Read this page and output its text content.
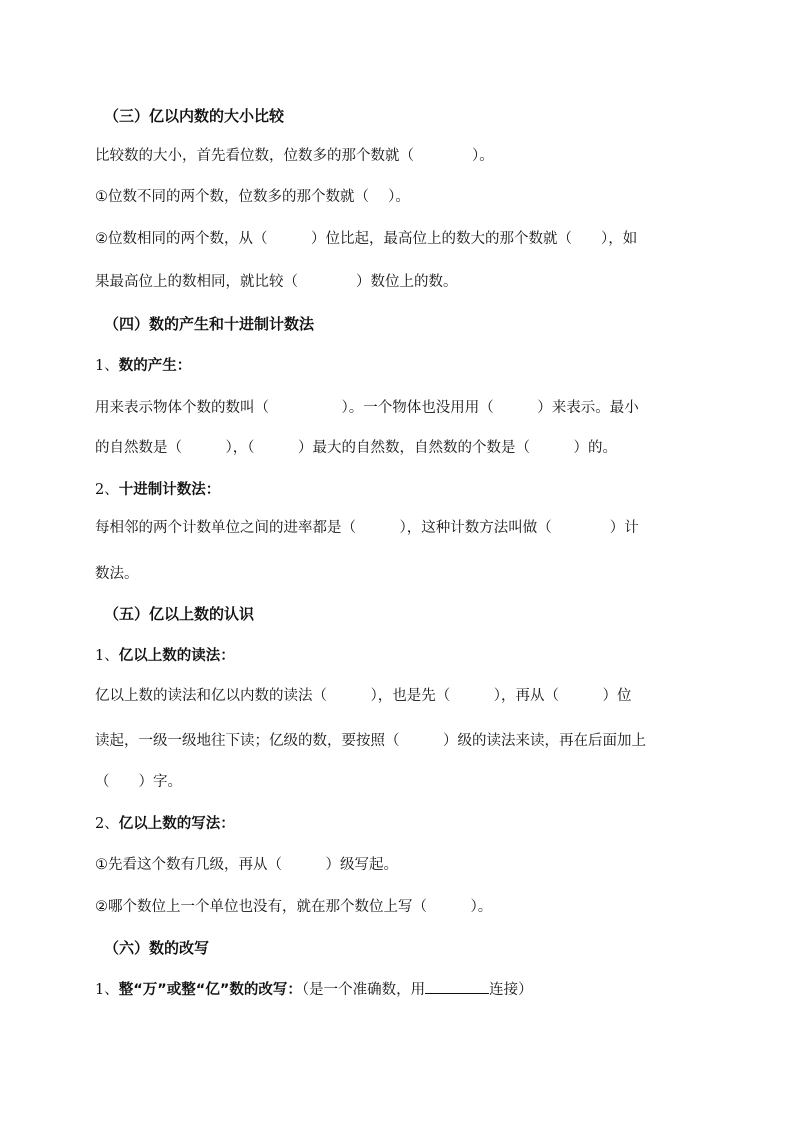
（三）亿以内数的大小比较
比较数的大小，首先看位数，位数多的那个数就（　　　　）。
①位数不同的两个数，位数多的那个数就（　 ）。
②位数相同的两个数，从（　　　）位比起，最高位上的数大的那个数就（　　），如
果最高位上的数相同，就比较（　　　　）数位上的数。
（四）数的产生和十进制计数法
1、数的产生：
用来表示物体个数的数叫（　　　　　）。一个物体也没用用（　　　）来表示。最小
的自然数是（　　　），（　　　）最大的自然数，自然数的个数是（　　　）的。
2、十进制计数法：
每相邻的两个计数单位之间的进率都是（　　　），这种计数方法叫做（　　　　）计
数法。
（五）亿以上数的认识
1、亿以上数的读法：
亿以上数的读法和亿以内数的读法（　　　），也是先（　　　），再从（　　　）位
读起，一级一级地往下读；亿级的数，要按照（　　　）级的读法来读，再在后面加上
（　　）字。
2、亿以上数的写法：
①先看这个数有几级，再从（　　　）级写起。
②哪个数位上一个单位也没有，就在那个数位上写（　　　）。
（六）数的改写
1、整“万”或整“亿”数的改写：（是一个准确数，用	连接）
